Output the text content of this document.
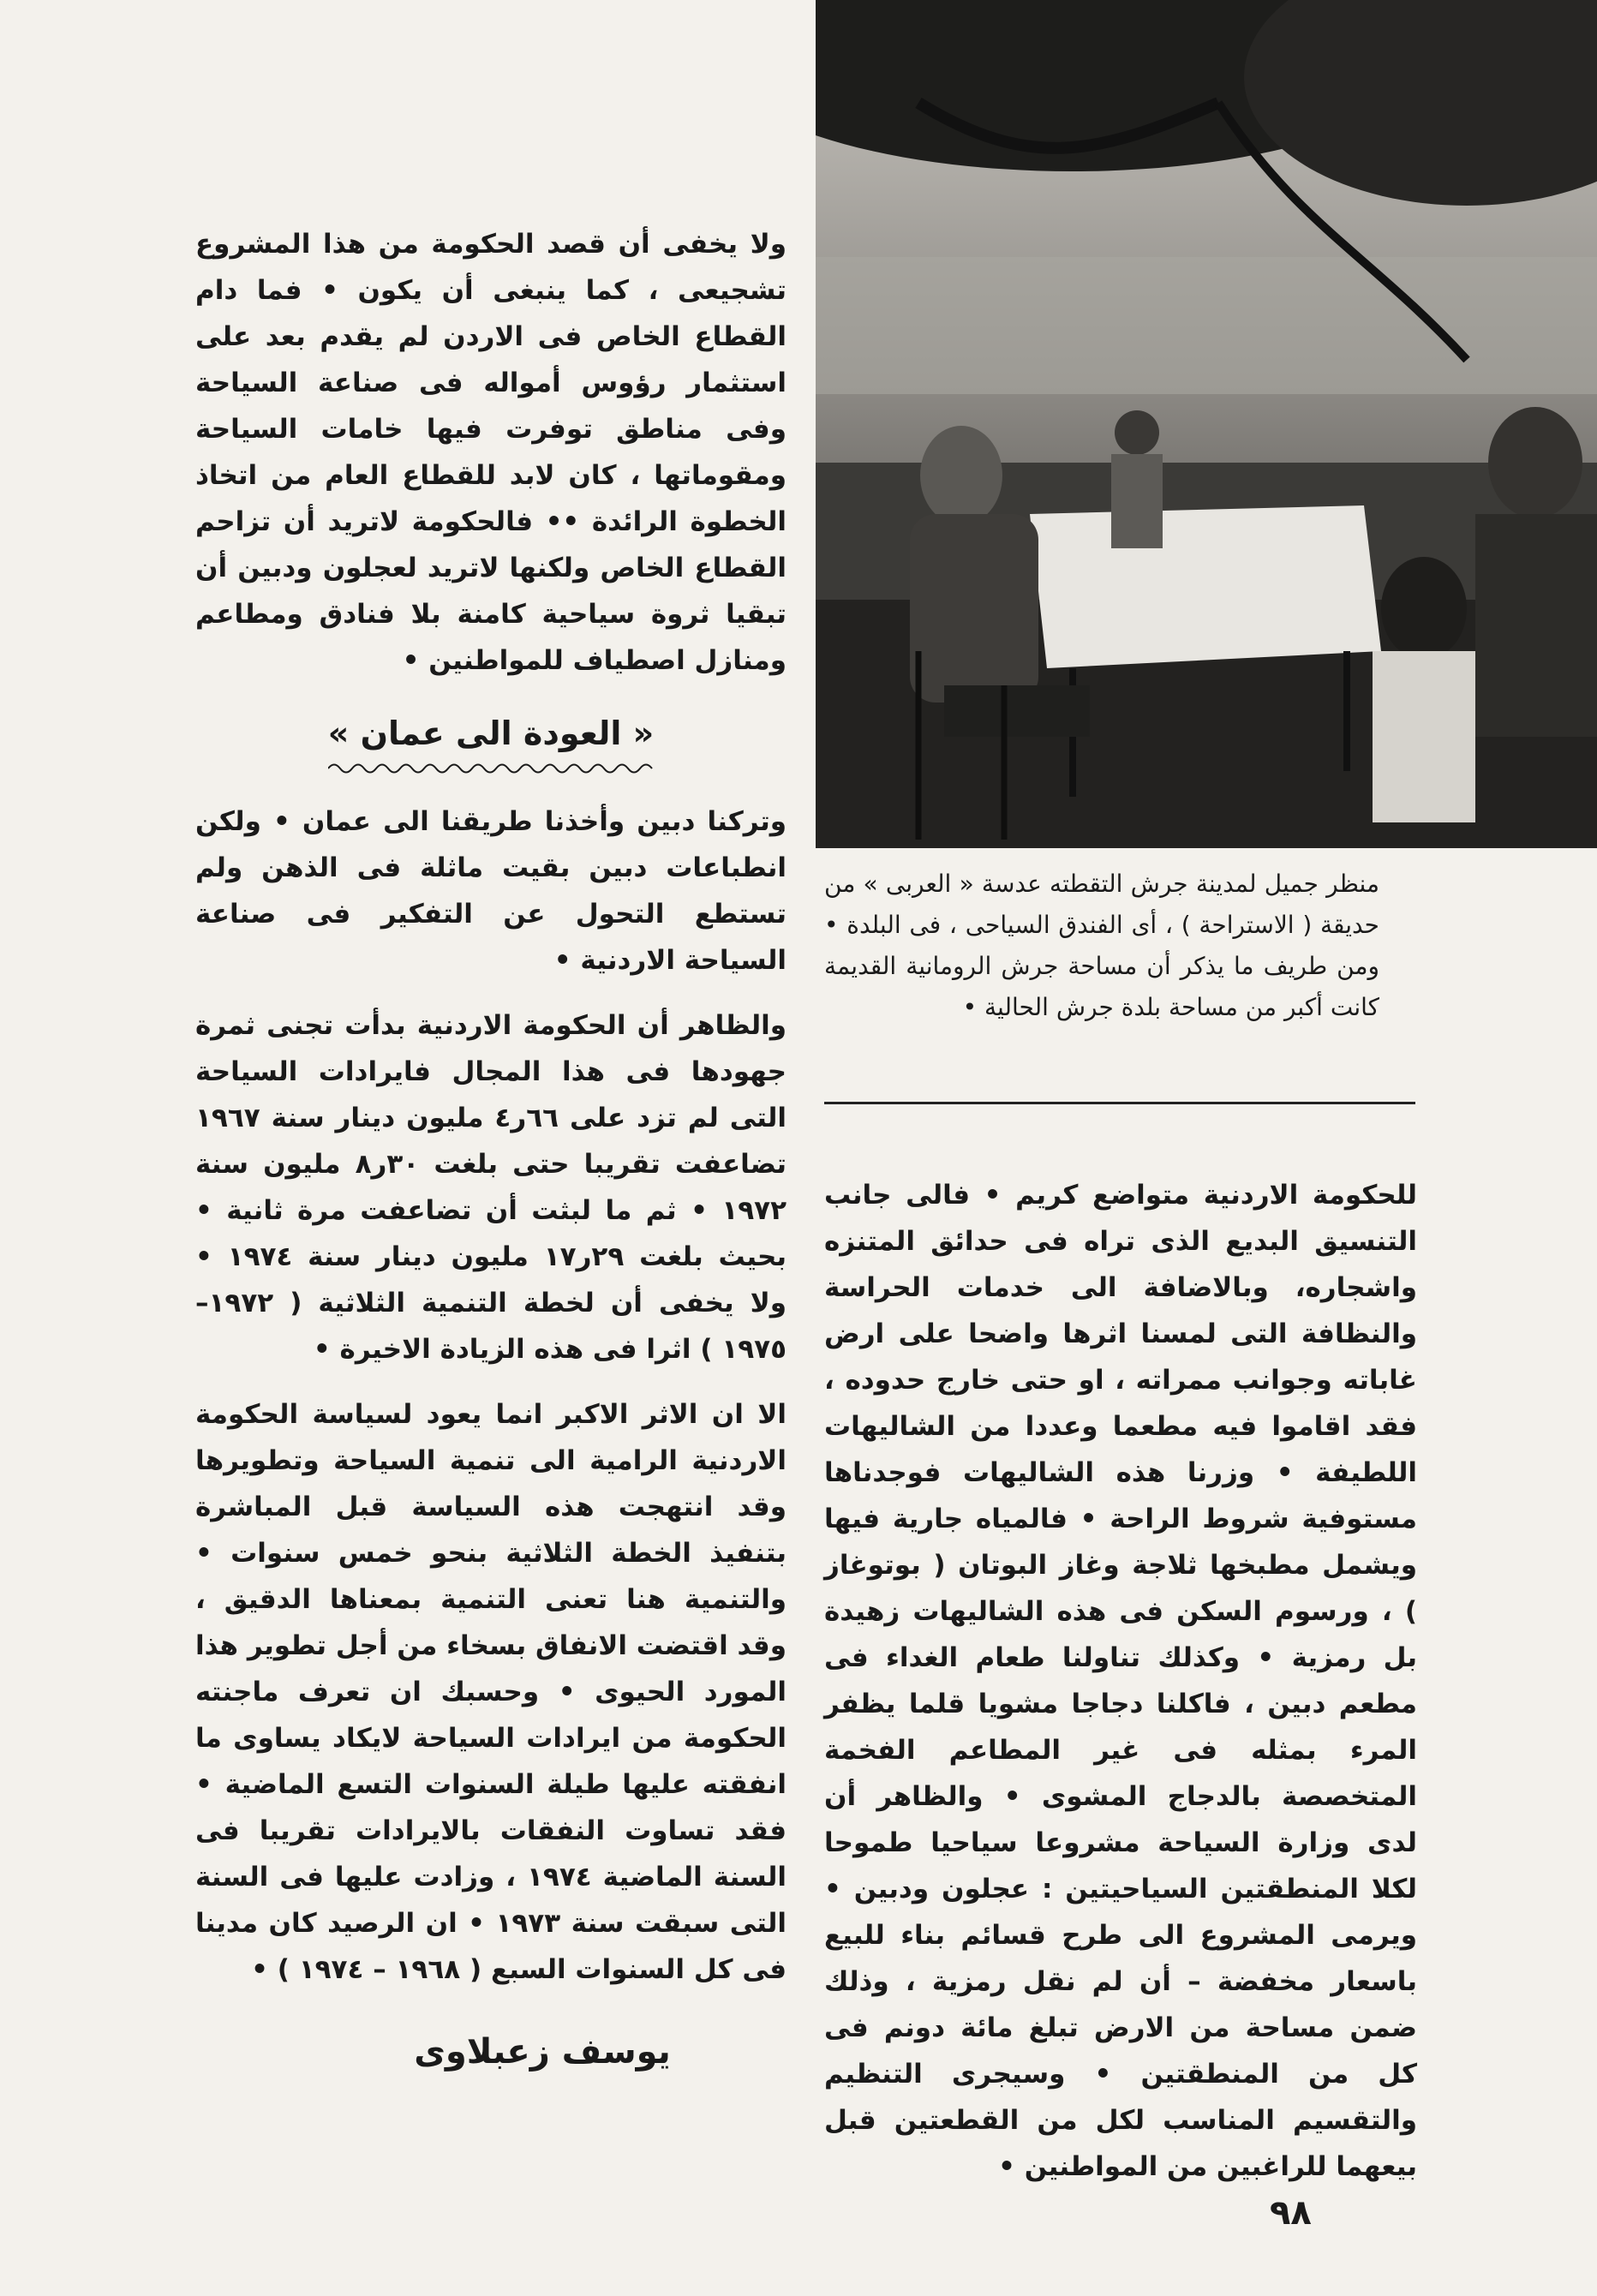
ولا يخفى أن قصد الحكومة من هذا المشروع تشجيعى ، كما ينبغى أن يكون • فما دام القطاع الخاص فى الاردن لم يقدم بعد على استثمار رؤوس أمواله فى صناعة السياحة وفى مناطق توفرت فيها خامات السياحة ومقوماتها ، كان لابد للقطاع العام من اتخاذ الخطوة الرائدة •• فالحكومة لاتريد أن تزاحم القطاع الخاص ولكنها لاتريد لعجلون ودبين أن تبقيا ثروة سياحية كامنة بلا فنادق ومطاعم ومنازل اصطياف للمواطنين •

« العودة الى عمان »

وتركنا دبين وأخذنا طريقنا الى عمان • ولكن انطباعات دبين بقيت ماثلة فى الذهن ولم تستطع التحول عن التفكير فى صناعة السياحة الاردنية •

والظاهر أن الحكومة الاردنية بدأت تجنى ثمرة جهودها فى هذا المجال فايرادات السياحة التى لم تزد على ٦٦ر٤ مليون دينار سنة ١٩٦٧ تضاعفت تقريبا حتى بلغت ٣٠ر٨ مليون سنة ١٩٧٢ • ثم ما لبثت أن تضاعفت مرة ثانية • بحيث بلغت ٢٩ر١٧ مليون دينار سنة ١٩٧٤ • ولا يخفى أن لخطة التنمية الثلاثية ( ١٩٧٢–١٩٧٥ ) اثرا فى هذه الزيادة الاخيرة •

الا ان الاثر الاكبر انما يعود لسياسة الحكومة الاردنية الرامية الى تنمية السياحة وتطويرها وقد انتهجت هذه السياسة قبل المباشرة بتنفيذ الخطة الثلاثية بنحو خمس سنوات • والتنمية هنا تعنى التنمية بمعناها الدقيق ، وقد اقتضت الانفاق بسخاء من أجل تطوير هذا المورد الحيوى • وحسبك ان تعرف ماجنته الحكومة من ايرادات السياحة لايكاد يساوى ما انفقته عليها طيلة السنوات التسع الماضية • فقد تساوت النفقات بالايرادات تقريبا فى السنة الماضية ١٩٧٤ ، وزادت عليها فى السنة التى سبقت سنة ١٩٧٣ • ان الرصيد كان مدينا فى كل السنوات السبع ( ١٩٦٨ – ١٩٧٤ ) •

يوسف زعبلاوى
منظر جميل لمدينة جرش التقطته عدسة « العربى » من حديقة ( الاستراحة ) ، أى الفندق السياحى ، فى البلدة • ومن طريف ما يذكر أن مساحة جرش الرومانية القديمة كانت أكبر من مساحة بلدة جرش الحالية •

للحكومة الاردنية متواضع كريم • فالى جانب التنسيق البديع الذى تراه فى حدائق المتنزه واشجاره، وبالاضافة الى خدمات الحراسة والنظافة التى لمسنا اثرها واضحا على ارض غاباته وجوانب ممراته ، او حتى خارج حدوده ، فقد اقاموا فيه مطعما وعددا من الشاليهات اللطيفة • وزرنا هذه الشاليهات فوجدناها مستوفية شروط الراحة • فالمياه جارية فيها ويشمل مطبخها ثلاجة وغاز البوتان ( بوتوغاز ) ، ورسوم السكن فى هذه الشاليهات زهيدة بل رمزية • وكذلك تناولنا طعام الغداء فى مطعم دبين ، فاكلنا دجاجا مشويا قلما يظفر المرء بمثله فى غير المطاعم الفخمة المتخصصة بالدجاج المشوى • والظاهر أن لدى وزارة السياحة مشروعا سياحيا طموحا لكلا المنطقتين السياحيتين : عجلون ودبين • ويرمى المشروع الى طرح قسائم بناء للبيع باسعار مخفضة – أن لم نقل رمزية ، وذلك ضمن مساحة من الارض تبلغ مائة دونم فى كل من المنطقتين • وسيجرى التنظيم والتقسيم المناسب لكل من القطعتين قبل بيعهما للراغبين من المواطنين •

٩٨
